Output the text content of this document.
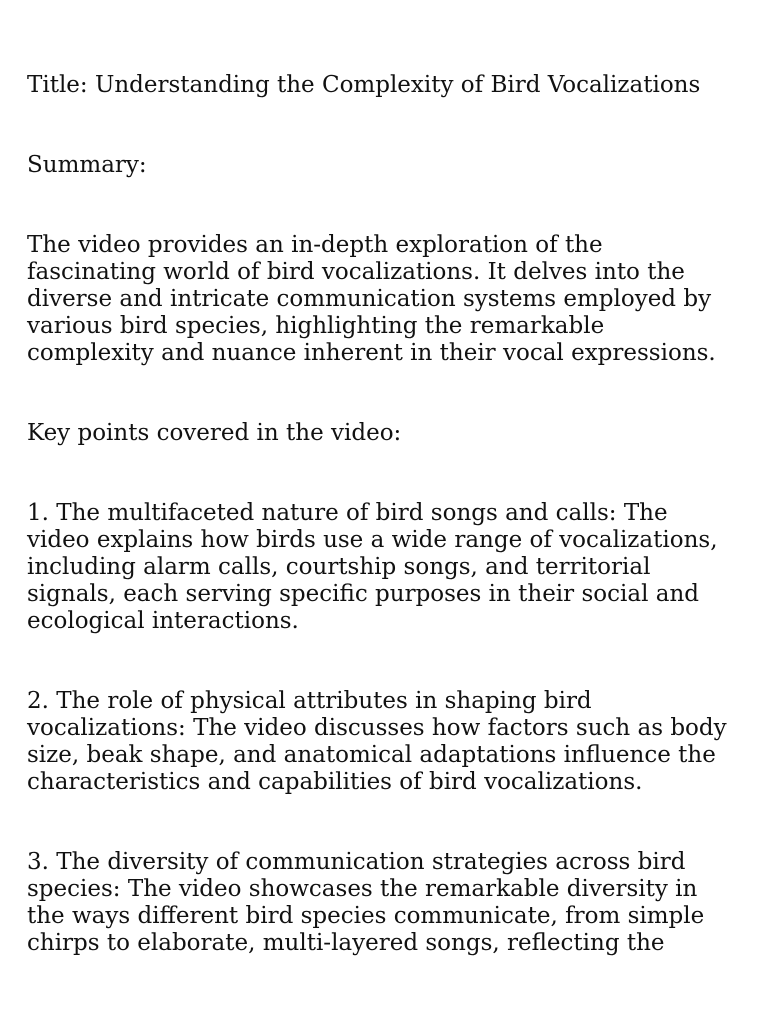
Title: Understanding the Complexity of Bird Vocalizations

Summary:

The video provides an in-depth exploration of the fascinating world of bird vocalizations. It delves into the diverse and intricate communication systems employed by various bird species, highlighting the remarkable complexity and nuance inherent in their vocal expressions.

Key points covered in the video:

1. The multifaceted nature of bird songs and calls: The video explains how birds use a wide range of vocalizations, including alarm calls, courtship songs, and territorial signals, each serving specific purposes in their social and ecological interactions.

2. The role of physical attributes in shaping bird vocalizations: The video discusses how factors such as body size, beak shape, and anatomical adaptations influence the characteristics and capabilities of bird vocalizations.

3. The diversity of communication strategies across bird species: The video showcases the remarkable diversity in the ways different bird species communicate, from simple chirps to elaborate, multi-layered songs, reflecting the
